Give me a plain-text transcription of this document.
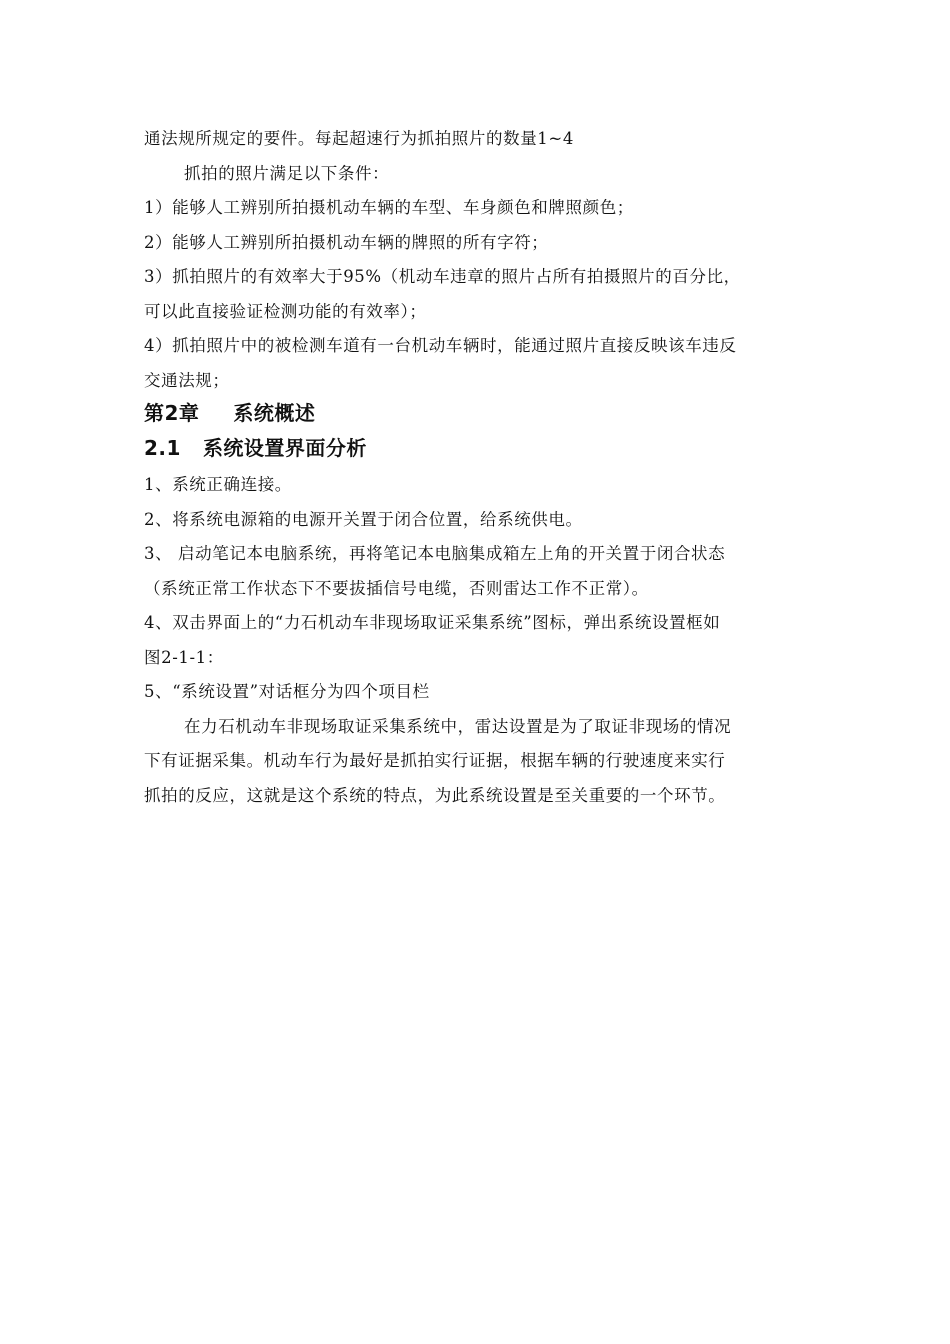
通法规所规定的要件。每起超速行为抓拍照片的数量1~4

抓拍的照片满足以下条件：

1）能够人工辨别所拍摄机动车辆的车型、车身颜色和牌照颜色；

2）能够人工辨别所拍摄机动车辆的牌照的所有字符；

3）抓拍照片的有效率大于95%（机动车违章的照片占所有拍摄照片的百分比，

可以此直接验证检测功能的有效率）；

4）抓拍照片中的被检测车道有一台机动车辆时，能通过照片直接反映该车违反

交通法规；

第2章 系统概述
2.1 系统设置界面分析

1、系统正确连接。

2、将系统电源箱的电源开关置于闭合位置，给系统供电。

3、 启动笔记本电脑系统，再将笔记本电脑集成箱左上角的开关置于闭合状态

（系统正常工作状态下不要拔插信号电缆，否则雷达工作不正常）。

4、双击界面上的“力石机动车非现场取证采集系统”图标，弹出系统设置框如

图2-1-1：

5、“系统设置”对话框分为四个项目栏

在力石机动车非现场取证采集系统中，雷达设置是为了取证非现场的情况

下有证据采集。机动车行为最好是抓拍实行证据，根据车辆的行驶速度来实行

抓拍的反应，这就是这个系统的特点，为此系统设置是至关重要的一个环节。
